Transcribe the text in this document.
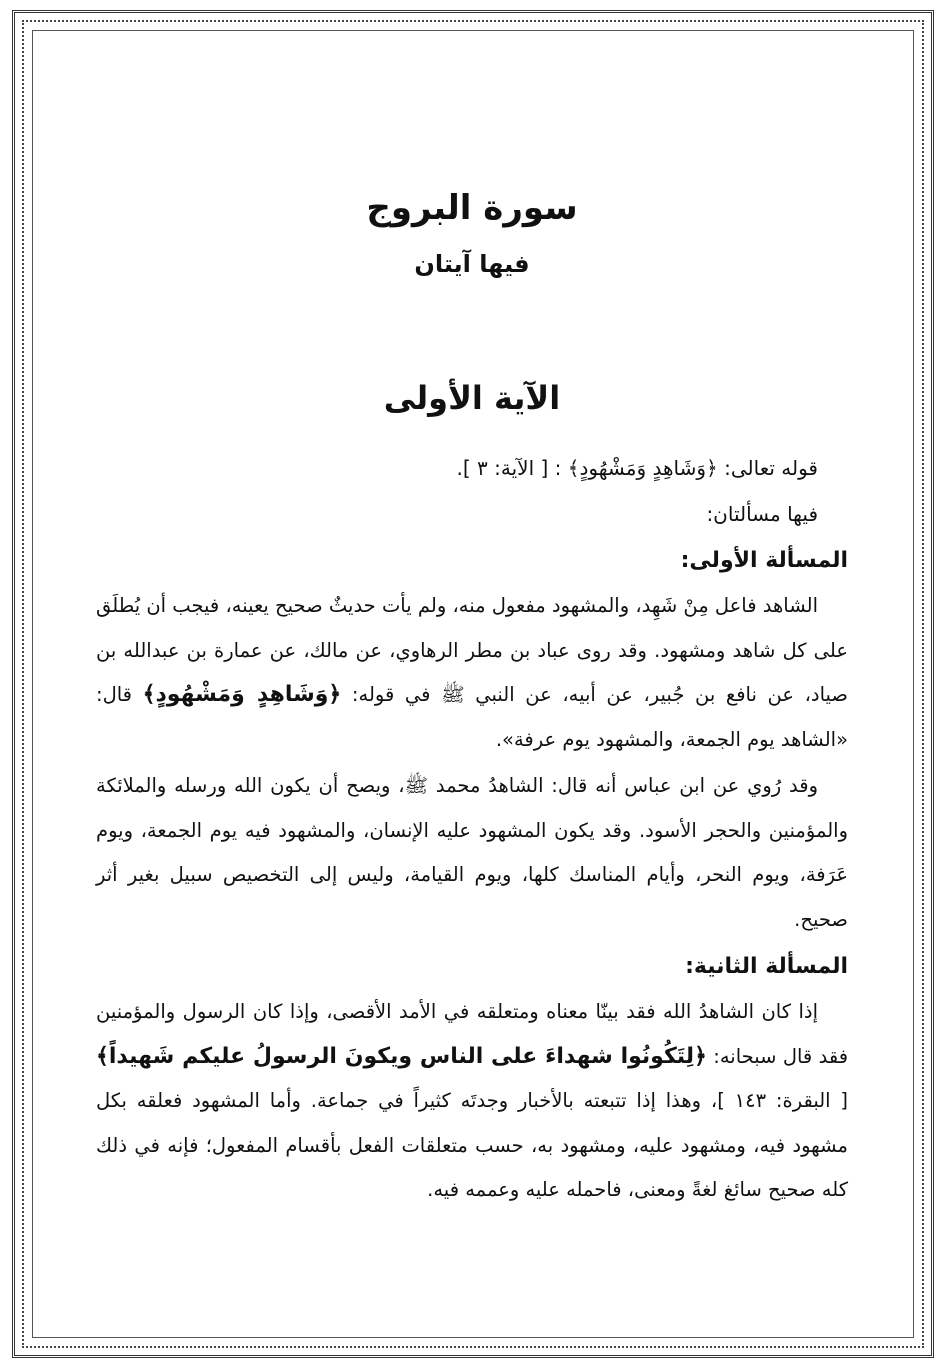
سورة البروج
فيها آيتان
الآية الأولى

قوله تعالى: ﴿وَشَاهِدٍ وَمَشْهُودٍ﴾ : [ الآية: ٣ ].

فيها مسألتان:

المسألة الأولى:

الشاهد فاعل مِنْ شَهِد، والمشهود مفعول منه، ولم يأت حديثٌ صحيح يعينه، فيجب أن يُطلَق على كل شاهد ومشهود. وقد روى عباد بن مطر الرهاوي، عن مالك، عن عمارة بن عبدالله بن صياد، عن نافع بن جُبير، عن أبيه، عن النبي ﷺ في قوله: ﴿وَشَاهِدٍ وَمَشْهُودٍ﴾ قال: «الشاهد يوم الجمعة، والمشهود يوم عرفة».

وقد رُوي عن ابن عباس أنه قال: الشاهدُ محمد ﷺ، ويصح أن يكون الله ورسله والملائكة والمؤمنين والحجر الأسود. وقد يكون المشهود عليه الإنسان، والمشهود فيه يوم الجمعة، ويوم عَرَفة، ويوم النحر، وأيام المناسك كلها، ويوم القيامة، وليس إلى التخصيص سبيل بغير أثر صحيح.

المسألة الثانية:

إذا كان الشاهدُ الله فقد بينّا معناه ومتعلقه في الأمد الأقصى، وإذا كان الرسول والمؤمنين فقد قال سبحانه: ﴿لِتَكُونُوا شهداءَ على الناس ويكونَ الرسولُ عليكم شَهيداً﴾ [ البقرة: ١٤٣ ]، وهذا إذا تتبعته بالأخبار وجدتَه كثيراً في جماعة. وأما المشهود فعلقه بكل مشهود فيه، ومشهود عليه، ومشهود به، حسب متعلقات الفعل بأقسام المفعول؛ فإنه في ذلك كله صحيح سائغ لغةً ومعنى، فاحمله عليه وعممه فيه.
